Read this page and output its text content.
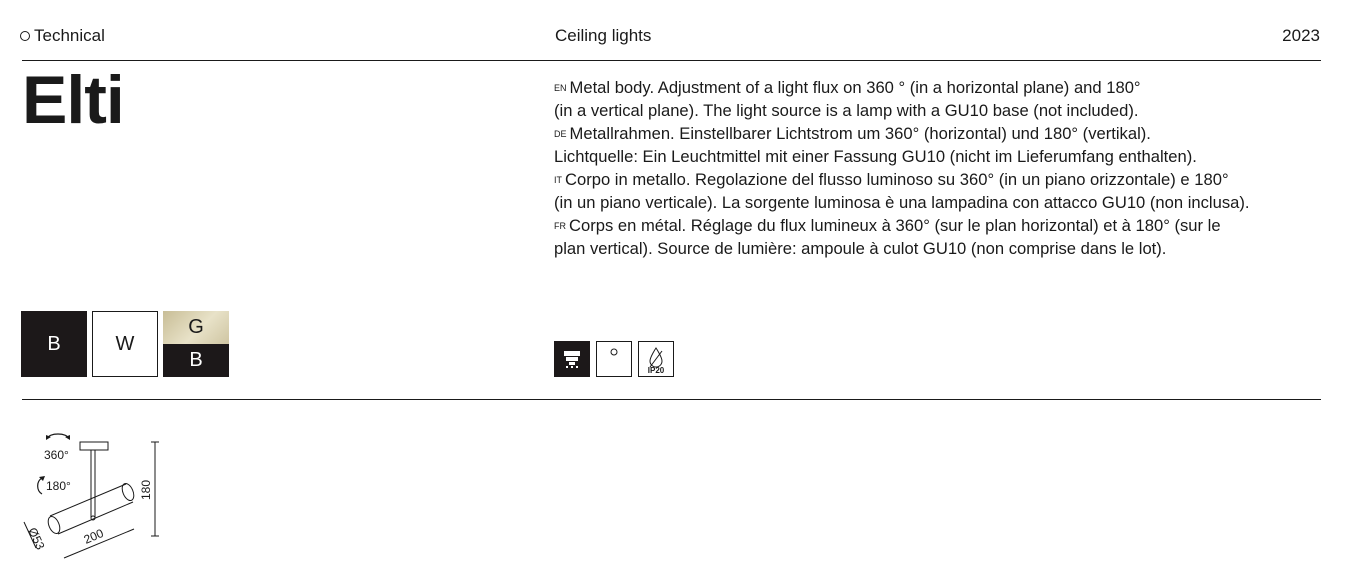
Technical	Ceiling lights	2023
Elti	$^{EN}$ Metal body. Adjustment of a light flux on 360 ° (in a horizontal plane) and 180°
(in a vertical plane). The light source is a lamp with a GU10 base (not included).
$^{DE}$ Metallrahmen. Einstellbarer Lichtstrom um 360° (horizontal) und 180° (vertikal).
Lichtquelle: Ein Leuchtmittel mit einer Fassung GU10 (nicht im Lieferumfang enthalten).
$^{IT}$ Corpo in metallo. Regolazione del flusso luminoso su 360° (in un piano orizzontale) e 180°
(in un piano verticale). La sorgente luminosa è una lampadina con attacco GU10 (non inclusa).
$^{FR}$ Corps en métal. Réglage du flux lumineux à 360° (sur le plan horizontal) et à 180° (sur le
plan vertical). Source de lumière: ampoule à culot GU10 (non comprise dans le lot).
B	W
G
B	IP20
360°
180°	180
200
Ø53
